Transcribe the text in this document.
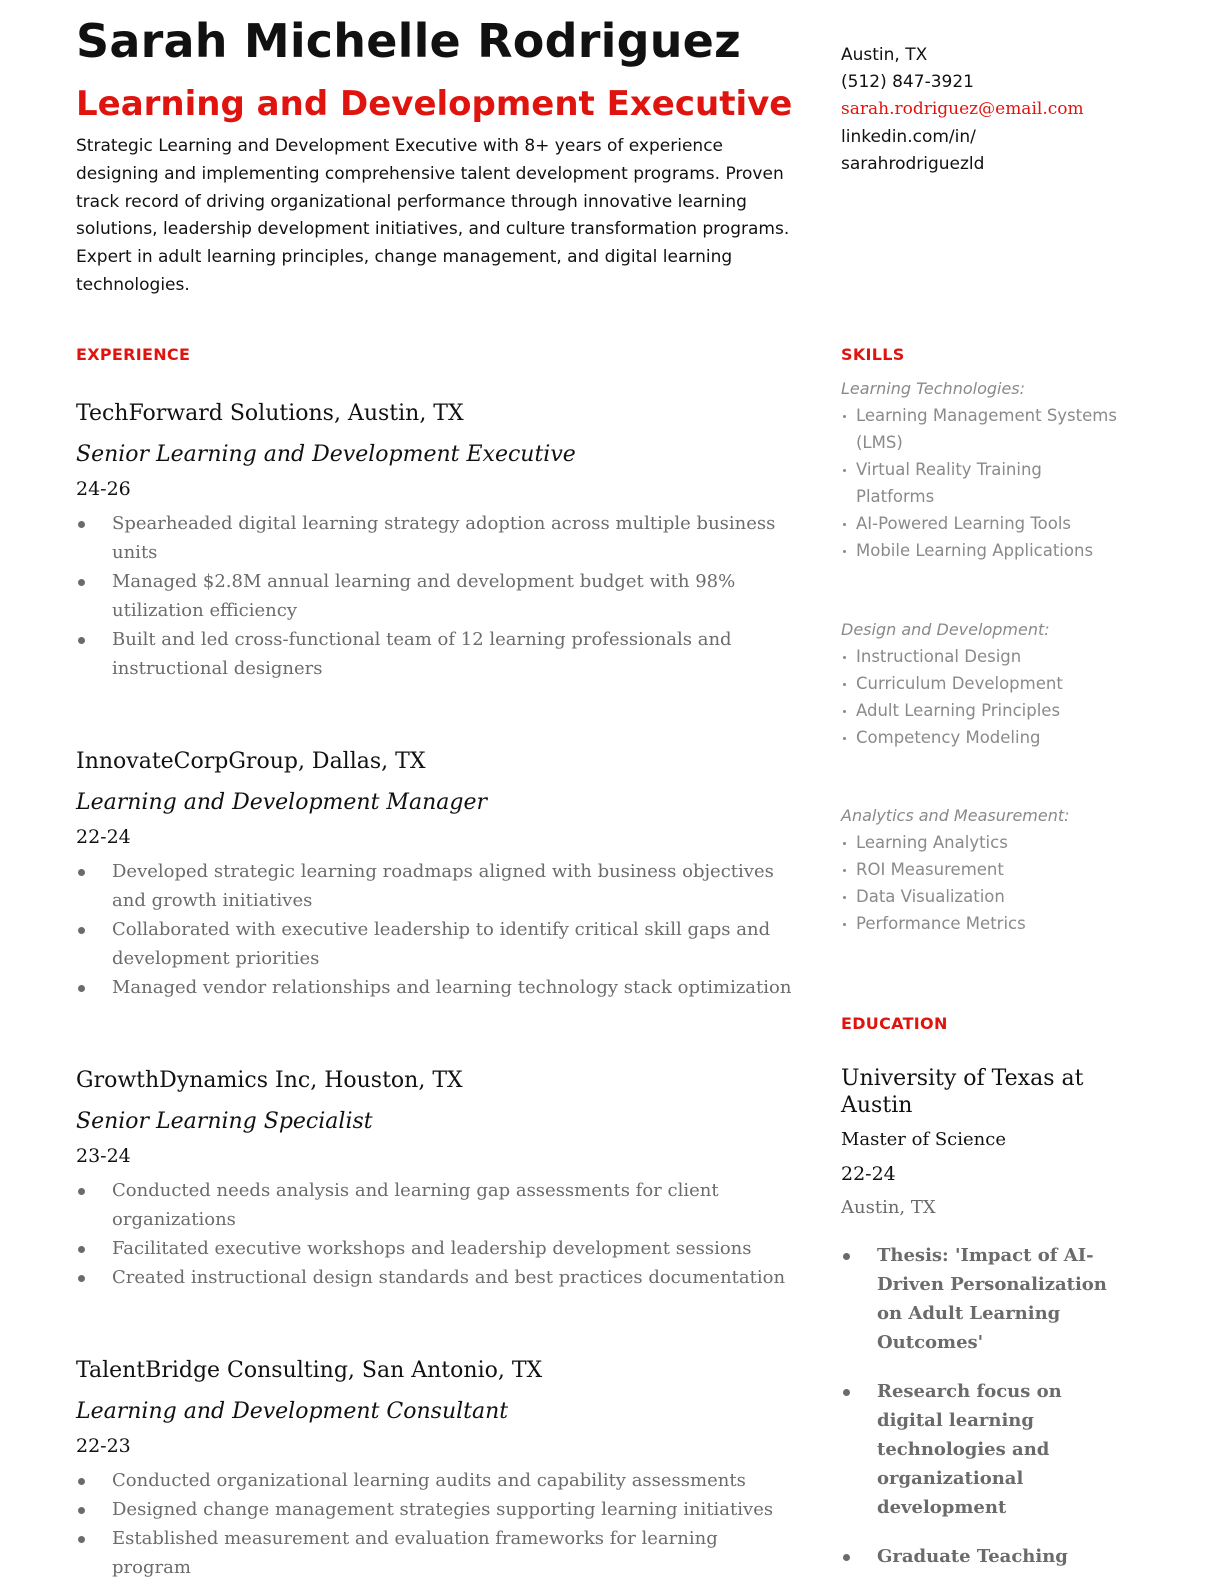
Sarah Michelle Rodriguez
Learning and Development Executive

Strategic Learning and Development Executive with 8+ years of experience designing and implementing comprehensive talent development programs. Proven track record of driving organizational performance through innovative learning solutions, leadership development initiatives, and culture transformation programs. Expert in adult learning principles, change management, and digital learning technologies.

Austin, TX
(512) 847-3921
sarah.rodriguez@email.com
linkedin.com/in/
sarahrodriguezld
EXPERIENCE
TechForward Solutions, Austin, TX
Senior Learning and Development Executive
24-26
Spearheaded digital learning strategy adoption across multiple business units
Managed $2.8M annual learning and development budget with 98% utilization efficiency
Built and led cross-functional team of 12 learning professionals and instructional designers
InnovateCorpGroup, Dallas, TX
Learning and Development Manager
22-24
Developed strategic learning roadmaps aligned with business objectives and growth initiatives
Collaborated with executive leadership to identify critical skill gaps and development priorities
Managed vendor relationships and learning technology stack optimization
GrowthDynamics Inc, Houston, TX
Senior Learning Specialist
23-24
Conducted needs analysis and learning gap assessments for client organizations
Facilitated executive workshops and leadership development sessions
Created instructional design standards and best practices documentation
TalentBridge Consulting, San Antonio, TX
Learning and Development Consultant
22-23
Conducted organizational learning audits and capability assessments
Designed change management strategies supporting learning initiatives
Established measurement and evaluation frameworks for learning program
SKILLS
Learning Technologies:
Learning Management Systems (LMS)
Virtual Reality Training Platforms
AI-Powered Learning Tools
Mobile Learning Applications
Design and Development:
Instructional Design
Curriculum Development
Adult Learning Principles
Competency Modeling
Analytics and Measurement:
Learning Analytics
ROI Measurement
Data Visualization
Performance Metrics
EDUCATION
University of Texas at Austin
Master of Science
22-24
Austin, TX
Thesis: 'Impact of AI-Driven Personalization on Adult Learning Outcomes'
Research focus on digital learning technologies and organizational development
Graduate Teaching
